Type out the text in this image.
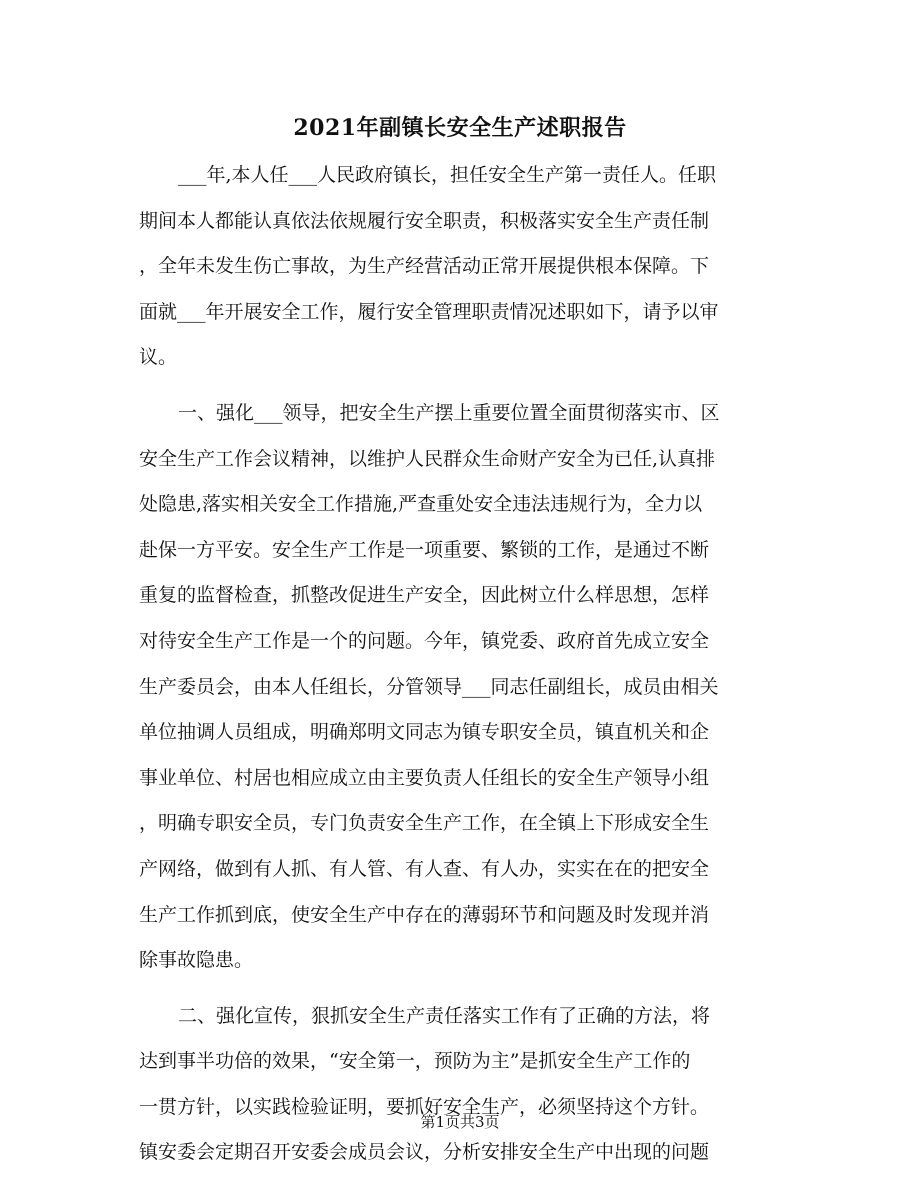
2021年副镇长安全生产述职报告
___年,本人任___人民政府镇长，担任安全生产第一责任人。任职
期间本人都能认真依法依规履行安全职责，积极落实安全生产责任制
，全年未发生伤亡事故，为生产经营活动正常开展提供根本保障。下
面就___年开展安全工作，履行安全管理职责情况述职如下，请予以审
议。
一、强化___领导，把安全生产摆上重要位置全面贯彻落实市、区
安全生产工作会议精神，以维护人民群众生命财产安全为已任,认真排
处隐患,落实相关安全工作措施,严查重处安全违法违规行为，全力以
赴保一方平安。安全生产工作是一项重要、繁锁的工作，是通过不断
重复的监督检查，抓整改促进生产安全，因此树立什么样思想，怎样
对待安全生产工作是一个的问题。今年，镇党委、政府首先成立安全
生产委员会，由本人任组长，分管领导___同志任副组长，成员由相关
单位抽调人员组成，明确郑明文同志为镇专职安全员，镇直机关和企
事业单位、村居也相应成立由主要负责人任组长的安全生产领导小组
，明确专职安全员，专门负责安全生产工作，在全镇上下形成安全生
产网络，做到有人抓、有人管、有人查、有人办，实实在在的把安全
生产工作抓到底，使安全生产中存在的薄弱环节和问题及时发现并消
除事故隐患。
二、强化宣传，狠抓安全生产责任落实工作有了正确的方法，将
达到事半功倍的效果，“安全第一，预防为主”是抓安全生产工作的
一贯方针，以实践检验证明，要抓好安全生产，必须坚持这个方针。
镇安委会定期召开安委会成员会议，分析安排安全生产中出现的问题
第1页共3页
